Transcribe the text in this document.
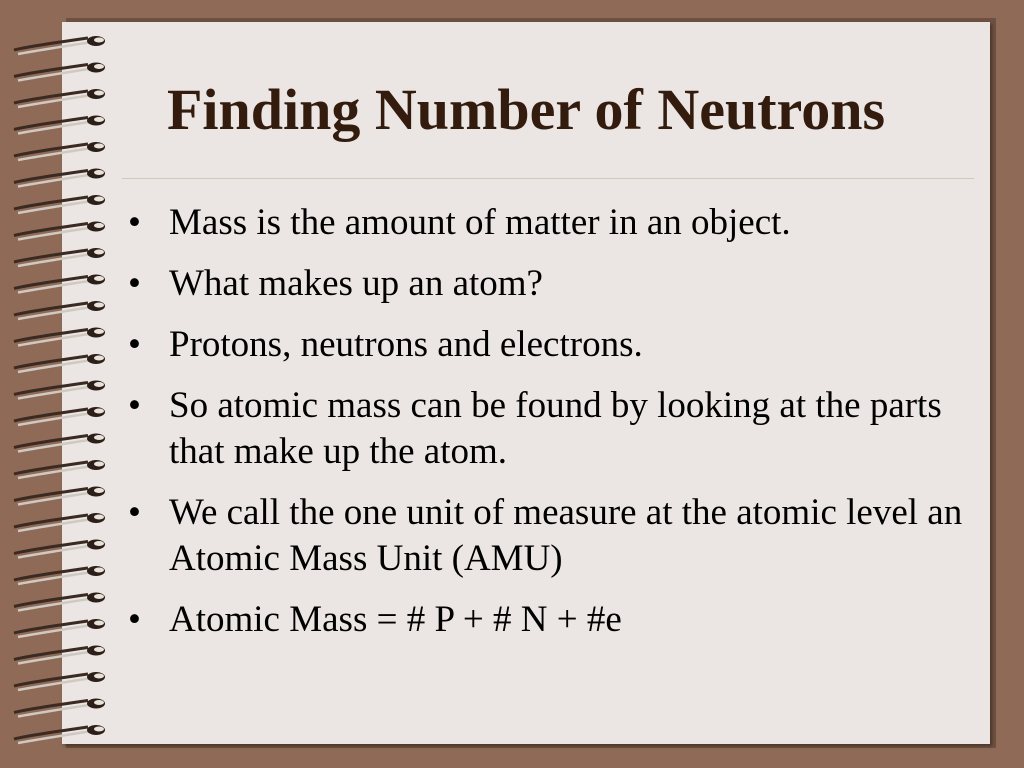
Finding Number of Neutrons
• Mass is the amount of matter in an object.
• What makes up an atom?
• Protons, neutrons and electrons.
• So atomic mass can be found by looking at the parts that make up the atom.
• We call the one unit of measure at the atomic level an Atomic Mass Unit (AMU)
• Atomic Mass = # P + # N + #e
